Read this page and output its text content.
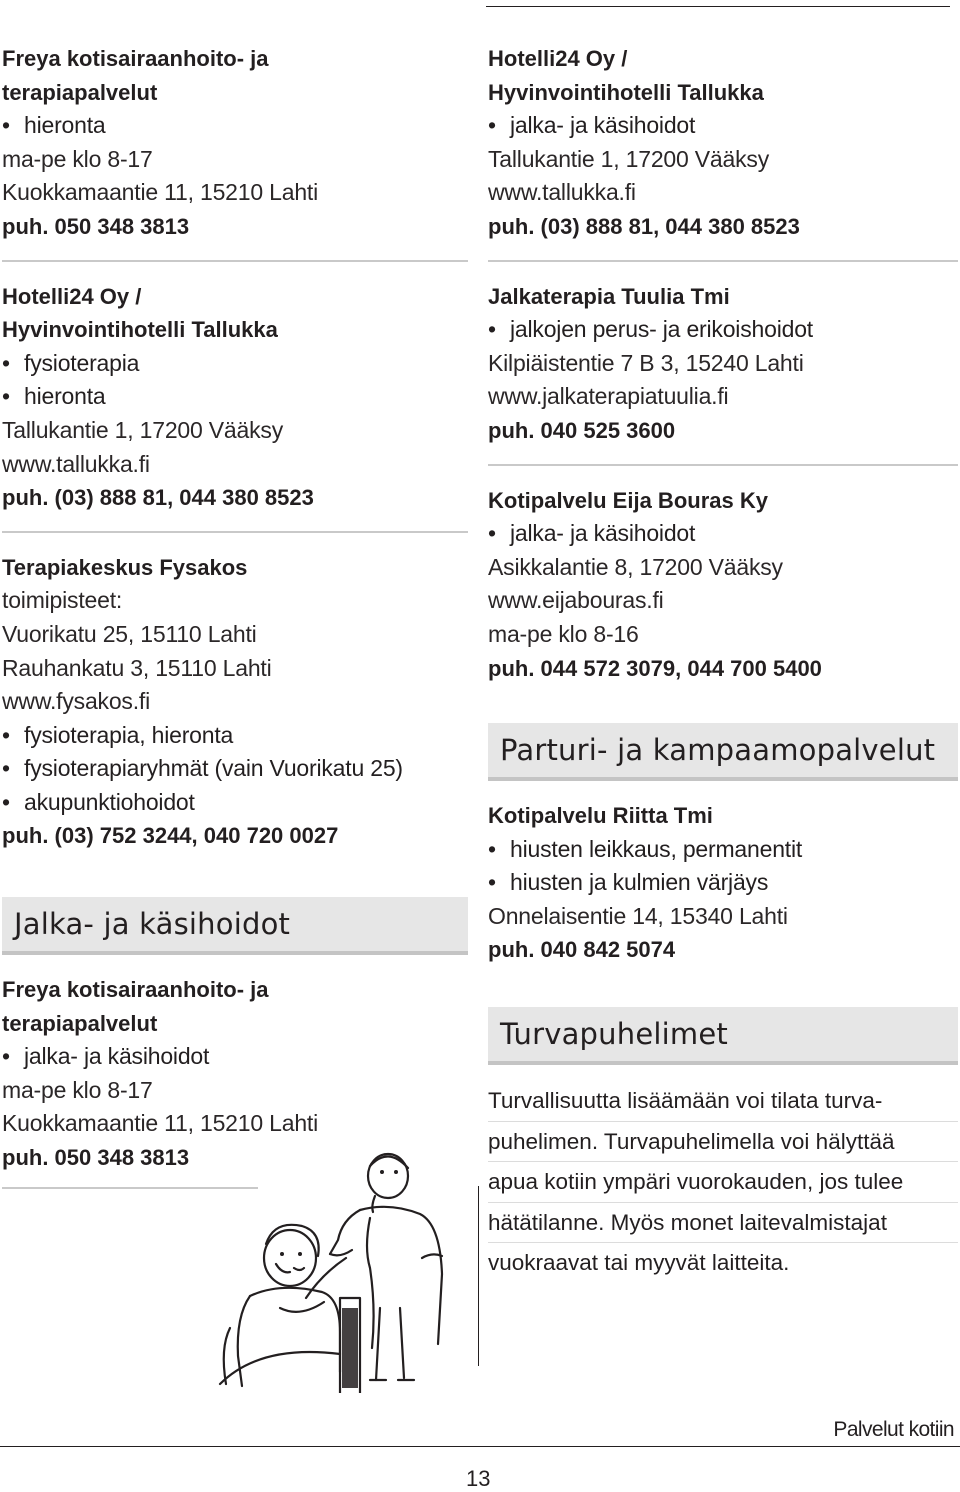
Freya kotisairaanhoito- ja
terapiapalvelut
• hieronta
ma-pe klo 8-17
Kuokkamaantie 11, 15210 Lahti
puh. 050 348 3813
Hotelli24 Oy /
Hyvinvointihotelli Tallukka
• fysioterapia
• hieronta
Tallukantie 1, 17200 Vääksy
www.tallukka.fi
puh. (03) 888 81, 044 380 8523
Terapiakeskus Fysakos
toimipisteet:
Vuorikatu 25, 15110 Lahti
Rauhankatu 3, 15110 Lahti
www.fysakos.fi
• fysioterapia, hieronta
• fysioterapiaryhmät (vain Vuorikatu 25)
• akupunktiohoidot
puh. (03) 752 3244, 040 720 0027
Jalka- ja käsihoidot
Freya kotisairaanhoito- ja
terapiapalvelut
• jalka- ja käsihoidot
ma-pe klo 8-17
Kuokkamaantie 11, 15210 Lahti
puh. 050 348 3813
Hotelli24 Oy /
Hyvinvointihotelli Tallukka
• jalka- ja käsihoidot
Tallukantie 1, 17200 Vääksy
www.tallukka.fi
puh. (03) 888 81, 044 380 8523
Jalkaterapia Tuulia Tmi
• jalkojen perus- ja erikoishoidot
Kilpiäistentie 7 B 3, 15240 Lahti
www.jalkaterapiatuulia.fi
puh. 040 525 3600
Kotipalvelu Eija Bouras Ky
• jalka- ja käsihoidot
Asikkalantie 8, 17200 Vääksy
www.eijabouras.fi
ma-pe klo 8-16
puh. 044 572 3079, 044 700 5400
Parturi- ja kampaamopalvelut
Kotipalvelu Riitta Tmi
• hiusten leikkaus, permanentit
• hiusten ja kulmien värjäys
Onnelaisentie 14, 15340 Lahti
puh. 040 842 5074
Turvapuhelimet
Turvallisuutta lisäämään voi tilata turva-
puhelimen. Turvapuhelimella voi hälyttää
apua kotiin ympäri vuorokauden, jos tulee
hätätilanne. Myös monet laitevalmistajat
vuokraavat tai myyvät laitteita.
Palvelut kotiin
13
